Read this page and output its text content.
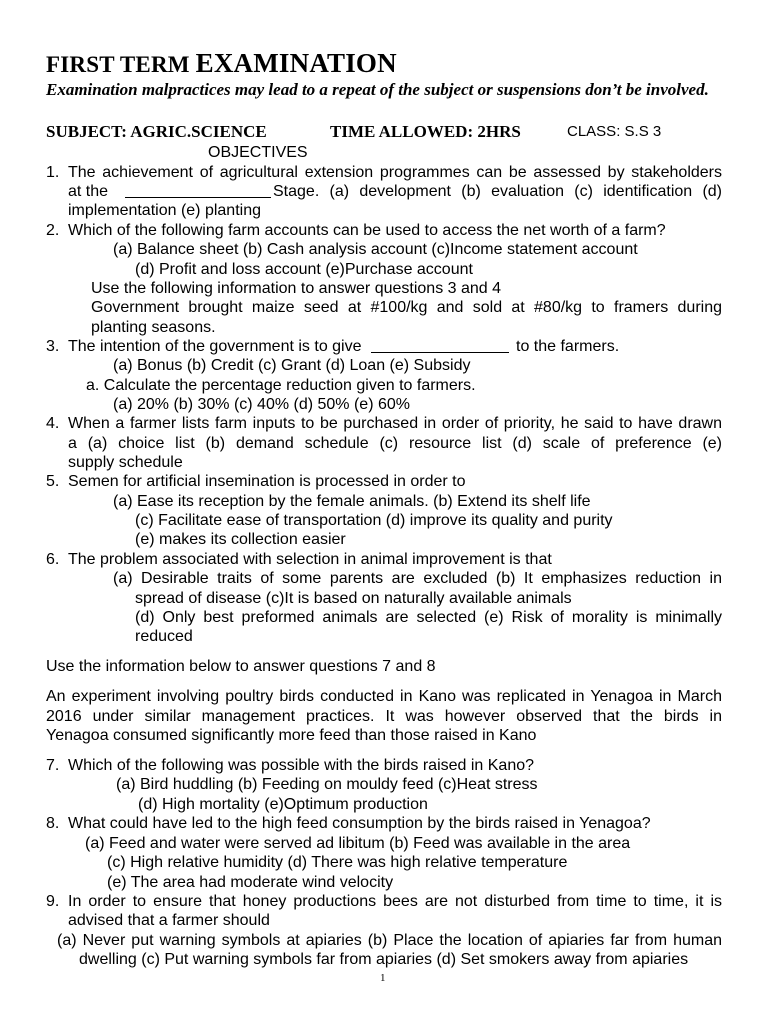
FIRST TERM EXAMINATION
Examination malpractices may lead to a repeat of the subject or suspensions don’t be involved.
SUBJECT: AGRIC.SCIENCE	TIME ALLOWED: 2HRS	CLASS: S.S 3
OBJECTIVES
1. The achievement of agricultural extension programmes can be assessed by stakeholders
at the	Stage. (a) development (b) evaluation (c) identification (d)
implementation (e) planting
2. Which of the following farm accounts can be used to access the net worth of a farm?
(a) Balance sheet (b) Cash analysis account (c)Income statement account
(d) Profit and loss account (e)Purchase account
Use the following information to answer questions 3 and 4
Government brought maize seed at #100/kg and sold at #80/kg to framers during
planting seasons.
3. The intention of the government is to give	to the farmers.
(a) Bonus (b) Credit (c) Grant (d) Loan (e) Subsidy
a. Calculate the percentage reduction given to farmers.
(a) 20% (b) 30% (c) 40% (d) 50% (e) 60%
4. When a farmer lists farm inputs to be purchased in order of priority, he said to have drawn
a (a) choice list (b) demand schedule (c) resource list (d) scale of preference (e)
supply schedule
5. Semen for artificial insemination is processed in order to
(a) Ease its reception by the female animals. (b) Extend its shelf life
(c) Facilitate ease of transportation (d) improve its quality and purity
(e) makes its collection easier
6. The problem associated with selection in animal improvement is that
(a) Desirable traits of some parents are excluded (b) It emphasizes reduction in
spread of disease (c)It is based on naturally available animals
(d) Only best preformed animals are selected (e) Risk of morality is minimally
reduced
Use the information below to answer questions 7 and 8
An experiment involving poultry birds conducted in Kano was replicated in Yenagoa in March
2016 under similar management practices. It was however observed that the birds in
Yenagoa consumed significantly more feed than those raised in Kano
7. Which of the following was possible with the birds raised in Kano?
(a) Bird huddling (b) Feeding on mouldy feed (c)Heat stress
(d) High mortality (e)Optimum production
8. What could have led to the high feed consumption by the birds raised in Yenagoa?
(a) Feed and water were served ad libitum (b) Feed was available in the area
(c) High relative humidity (d) There was high relative temperature
(e) The area had moderate wind velocity
9. In order to ensure that honey productions bees are not disturbed from time to time, it is
advised that a farmer should
(a) Never put warning symbols at apiaries (b) Place the location of apiaries far from human
dwelling (c) Put warning symbols far from apiaries (d) Set smokers away from apiaries
1
